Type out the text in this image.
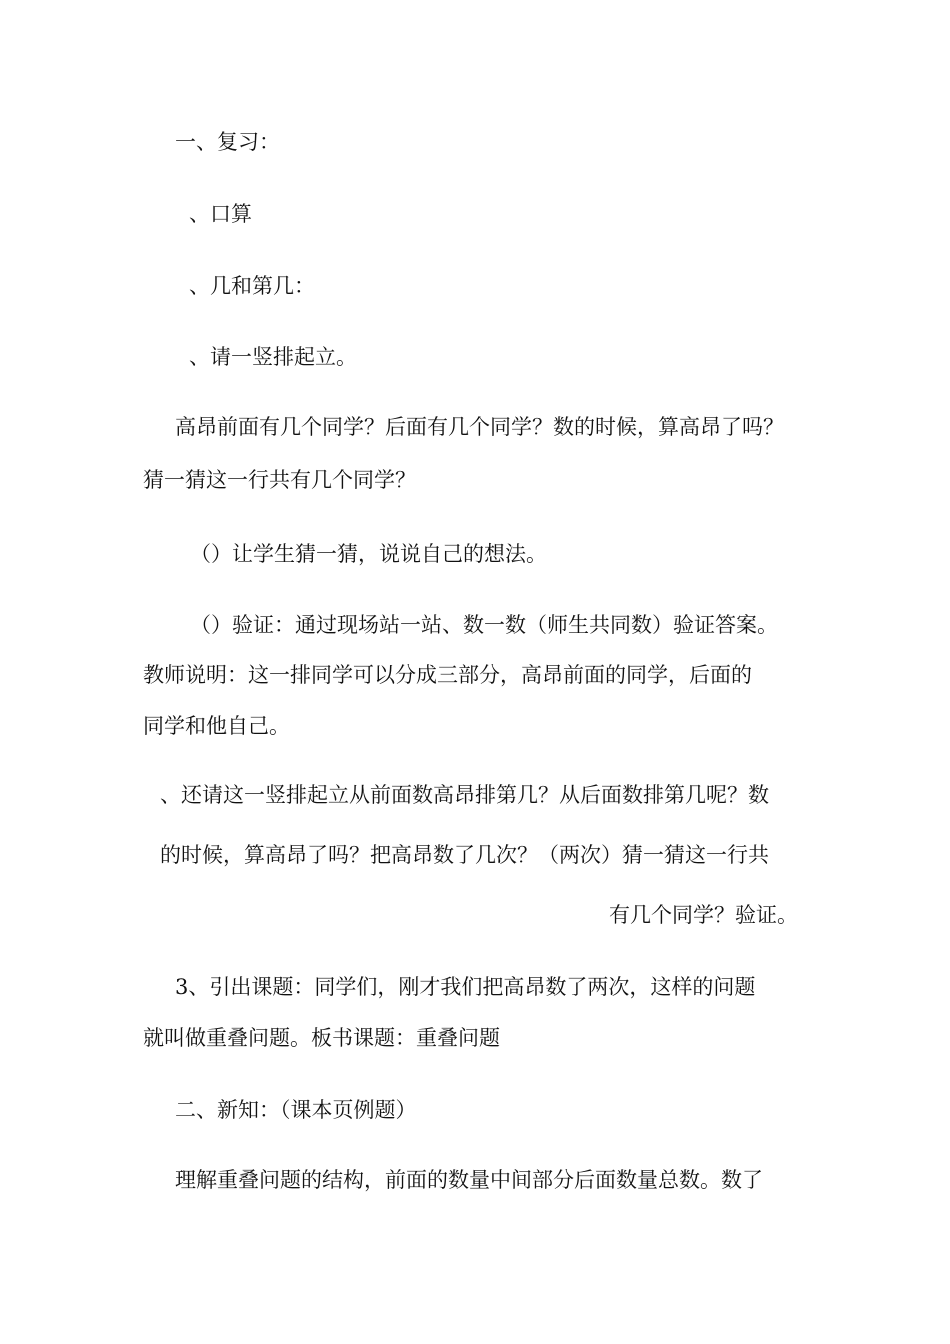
一、复习：
、口算
、几和第几：
、请一竖排起立。
高昂前面有几个同学？后面有几个同学？数的时候，算高昂了吗？
猜一猜这一行共有几个同学？
（）让学生猜一猜，说说自己的想法。
（）验证：通过现场站一站、数一数（师生共同数）验证答案。
教师说明：这一排同学可以分成三部分，高昂前面的同学，后面的
同学和他自己。
、还请这一竖排起立从前面数高昂排第几？从后面数排第几呢？数
的时候，算高昂了吗？把高昂数了几次？（两次）猜一猜这一行共
有几个同学？验证。
3、引出课题：同学们，刚才我们把高昂数了两次，这样的问题
就叫做重叠问题。板书课题：重叠问题
二、新知：（课本页例题）
理解重叠问题的结构，前面的数量中间部分后面数量总数。数了
